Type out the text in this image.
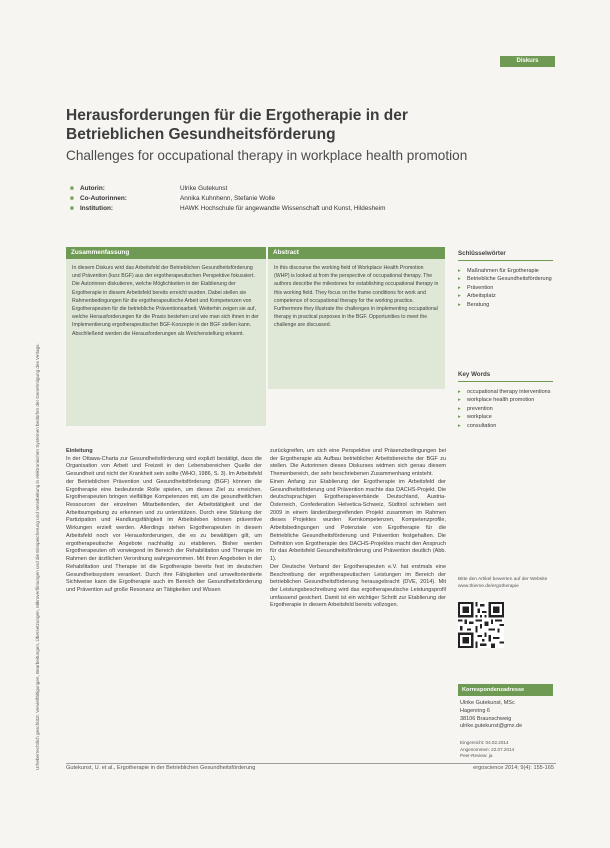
Urheberrechtlich geschützt. Vervielfältigungen, Bearbeitungen, Übersetzungen, Mikroverfilmungen und die Einspeicherung und Verarbeitung in elektronischen Systemen bedürfen der Genehmigung des Verlags.
Diskurs
Herausforderungen für die Ergotherapie in der Betrieblichen Gesundheitsförderung
Challenges for occupational therapy in workplace health promotion
■ Autorin:	Ulrike Gutekunst
■ Co-Autorinnen:	Annika Kuhnhenn, Stefanie Wolle
■ Institution:	HAWK Hochschule für angewandte Wissenschaft und Kunst, Hildesheim
Zusammenfassung
In diesem Diskurs wird das Arbeitsfeld der Betrieblichen Gesundheitsförderung und Prävention (kurz BGF) aus der ergotherapeutischen Perspektive fokussiert. Die Autorinnen diskutieren, welche Möglichkeiten in der Etablierung der Ergotherapie in diesem Arbeitsfeld bereits erreicht wurden. Dabei stellen sie Rahmenbedingungen für die ergotherapeutische Arbeit und Kompetenzen von Ergotherapeuten für die betriebliche Präventionsarbeit. Weiterhin zeigen sie auf, welche Herausforderungen für die Praxis bestehen und wie man sich ihnen in der Implementierung ergotherapeutischer BGF-Konzepte in der BGF stellen kann. Abschließend werden die Herausforderungen als Weichenstellung erkannt.
Abstract
In this discourse the working field of Workplace Health Promotion (WHP) is looked at from the perspective of occupational therapy. The authors describe the milestones for establishing occupational therapy in this working field. They focus on the frame conditions for work and competence of occupational therapy for the working practice. Furthermore they illustrate the challenges in implementing occupational therapy in practical purposes in the BGF. Opportunities to meet the challenge are discussed.
Schlüsselwörter
▸ Maßnahmen für Ergotherapie
▸ Betriebliche Gesundheitsförderung
▸ Prävention
▸ Arbeitsplatz
▸ Beratung
Key Words
▸ occupational therapy interventions
▸ workplace health promotion
▸ prevention
▸ workplace
▸ consultation

Einleitung

In der Ottawa-Charta zur Gesundheitsförderung wird explizit bestätigt, dass die Organisation von Arbeit und Freizeit in den Lebensbereichen Quelle der Gesundheit und nicht der Krankheit sein sollte (WHO, 1986, S. 3). Im Arbeitsfeld der Betrieblichen Prävention und Gesundheitsförderung (BGF) können die Ergotherapie eine bedeutende Rolle spielen, um dieses Ziel zu erreichen. Ergotherapeuten bringen vielfältige Kompetenzen mit, um die gesundheitlichen Ressourcen der einzelnen Mitarbeitenden, der Arbeitstätigkeit und der Arbeitsumgebung zu erkennen und zu unterstützen. Durch eine Stärkung der Partizipation und Handlungsfähigkeit im Arbeitsleben können präventive Wirkungen erzielt werden. Allerdings stehen Ergotherapeuten in diesem Arbeitsfeld noch vor Herausforderungen, die es zu bewältigen gilt, um ergotherapeutische Angebote nachhaltig zu etablieren. Bisher werden Ergotherapeuten oft vorwiegend im Bereich der Rehabilitation und Therapie im Rahmen der ärztlichen Verordnung wahrgenommen. Mit ihren Angeboten in der Rehabilitation und Therapie ist die Ergotherapie bereits fest im deutschen Gesundheitssystem verankert. Durch ihre Fähigkeiten und umweltorientierte Sichtweise kann die Ergotherapie auch im Bereich der Gesundheitsförderung und Prävention auf große Resonanz an Tätigkeiten und Wissen

zurückgreifen, um sich eine Perspektive und Präsenzbedingungen bei der Ergotherapie als Aufbau betrieblicher Arbeitsbereiche der BGF zu stellen. Die Autorinnen dieses Diskurses widmen sich genau diesem Themenbereich, der sehr beschriebenen Zusammenhang entsteht.

Einen Anfang zur Etablierung der Ergotherapie im Arbeitsfeld der Gesundheitsförderung und Prävention machte das DACHS-Projekt. Die deutschsprachigen Ergotherapieverbände Deutschland, Austria-Österreich, Confederation Helvetica-Schweiz, Südtirol schrieben seit 2009 in einem länderübergreifenden Projekt zusammen im Rahmen dieses Projektes wurden Kernkompetenzen, Kompetenzprofile, Arbeitsbedingungen und Potenziale von Ergotherapie für die Betriebliche Gesundheitsförderung und Prävention festgehalten. Die Definition von Ergotherapie des DACHS-Projektes macht den Anspruch für das Arbeitsfeld Gesundheitsförderung und Prävention deutlich (Abb. 1).

Der Deutsche Verband der Ergotherapeuten e.V. hat erstmals eine Beschreibung der ergotherapeutischen Leistungen im Bereich der betrieblichen Gesundheitsförderung herausgebracht (DVE, 2014). Mit der Leistungsbeschreibung wird das ergotherapeutische Leistungsprofil umfassend gesichert. Damit ist ein wichtiger Schritt zur Etablierung der Ergotherapie in diesem Arbeitsfeld bereits vollzogen.

Bitte den Artikel bewerten auf der Website www.thieme.de/ergotherapie
Korrespondenzadresse
Ulrike Gutekunst, MSc
Hagenring 6
38106 Braunschweig
ulrike.gutekunst@gmx.de
Eingereicht: 04.02.2014
Angenommen: 22.07.2014
Peer-Review: ja
Gutekunst, U. et al., Ergotherapie in der Betrieblichen Gesundheitsförderung	ergoscience 2014; 9(4): 155-165
